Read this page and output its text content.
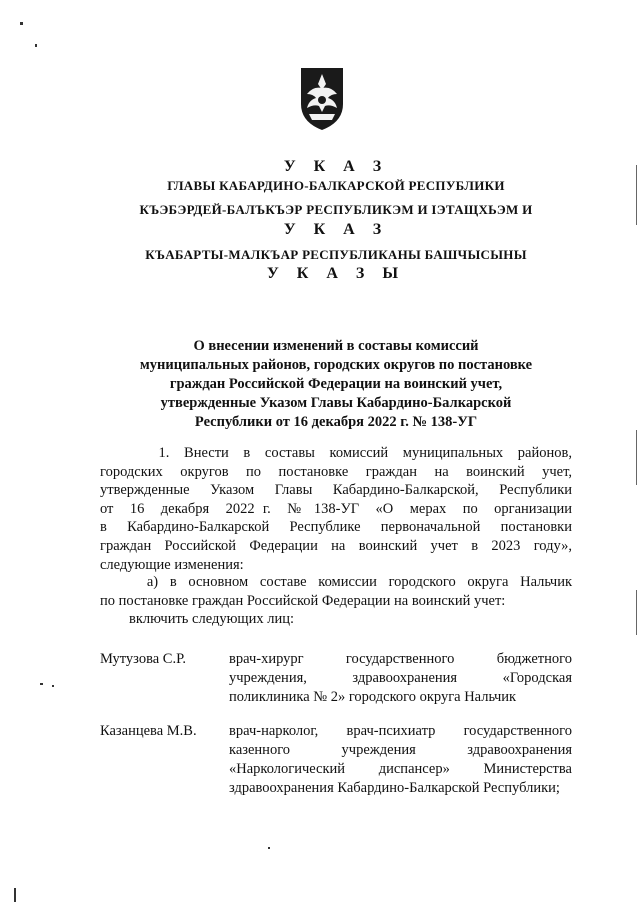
У К А З
ГЛАВЫ КАБАРДИНО-БАЛКАРСКОЙ РЕСПУБЛИКИ
КЪЭБЭРДЕЙ-БАЛЪКЪЭР РЕСПУБЛИКЭМ И ІЭТАЩХЬЭМ И
У К А З
КЪАБАРТЫ-МАЛКЪАР РЕСПУБЛИКАНЫ БАШЧЫСЫНЫ
У К А З Ы
О внесении изменений в составы комиссий
муниципальных районов, городских округов по постановке
граждан Российской Федерации на воинский учет,
утвержденные Указом Главы Кабардино-Балкарской
Республики от 16 декабря 2022 г. № 138-УГ
1.  Внести  в  составы  комиссий  муниципальных  районов,
городских  округов  по  постановке  граждан  на  воинский  учет,
утвержденные  Указом  Главы  Кабардино-Балкарской,  Республики
от  16  декабря  2022 г.  № 138-УГ  «О  мерах  по  организации
в  Кабардино-Балкарской  Республике  первоначальной  постановки
граждан  Российской  Федерации  на  воинский  учет  в  2023  году»,
следующие изменения:
а)  в  основном  составе  комиссии  городского  округа  Нальчик
по постановке граждан Российской Федерации на воинский учет:
включить следующих лиц:
Мутузова С.Р.	врач-хирург   государственного   бюджетного
учреждения,   здравоохранения   «Городская
поликлиника № 2» городского округа Нальчик
Казанцева М.В. врач-нарколог,  врач-психиатр  государственного
казенного   учреждения   здравоохранения
«Наркологический   диспансер»   Министерства
здравоохранения Кабардино-Балкарской Республики;
